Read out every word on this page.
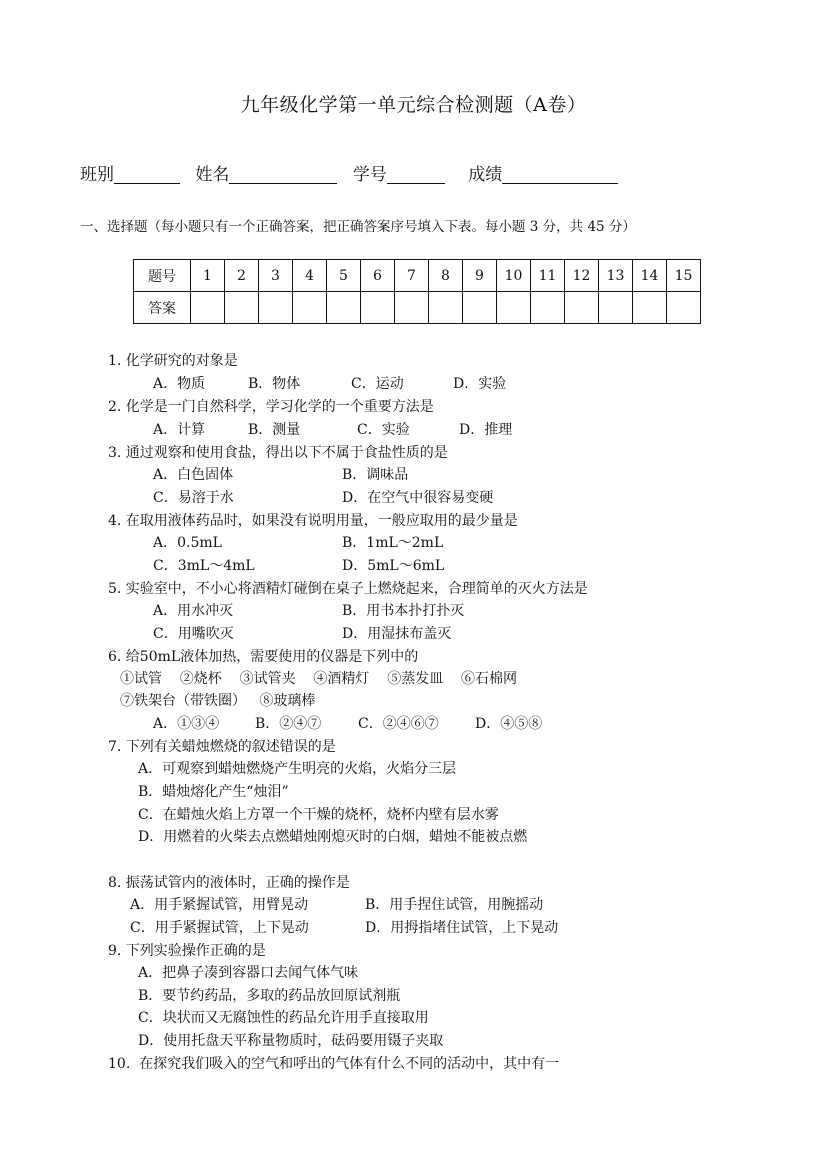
九年级化学第一单元综合检测题（A卷）
班别	姓名	学号	成绩
一、选择题（每小题只有一个正确答案，把正确答案序号填入下表。每小题 3 分，共 45 分）
题号	1	2	3	4	5	6	7	8	9	10	11	12	13	14	15
答案															
1. 化学研究的对象是
A．物质	B．物体	C．运动	D．实验
2. 化学是一门自然科学，学习化学的一个重要方法是
A．计算	B．测量	C．实验	D．推理
3. 通过观察和使用食盐，得出以下不属于食盐性质的是
A．白色固体	B．调味品
C．易溶于水	D．在空气中很容易变硬
4. 在取用液体药品时，如果没有说明用量，一般应取用的最少量是
A．0.5mL	B．1mL～2mL
C．3mL～4mL	D．5mL～6mL
5. 实验室中，不小心将酒精灯碰倒在桌子上燃烧起来，合理简单的灭火方法是
A．用水冲灭	B．用书本扑打扑灭
C．用嘴吹灭	D．用湿抹布盖灭
6. 给50mL液体加热，需要使用的仪器是下列中的
①试管    ②烧杯    ③试管夹    ④酒精灯    ⑤蒸发皿    ⑥石棉网
⑦铁架台（带铁圈）   ⑧玻璃棒
A．①③④	B．②④⑦	C．②④⑥⑦	D．④⑤⑧
7. 下列有关蜡烛燃烧的叙述错误的是
A．可观察到蜡烛燃烧产生明亮的火焰，火焰分三层
B．蜡烛熔化产生“烛泪”
C．在蜡烛火焰上方罩一个干燥的烧杯，烧杯内壁有层水雾
D．用燃着的火柴去点燃蜡烛刚熄灭时的白烟，蜡烛不能被点燃
8. 振荡试管内的液体时，正确的操作是
A．用手紧握试管，用臂晃动	B．用手捏住试管，用腕摇动
C．用手紧握试管，上下晃动	D．用拇指堵住试管，上下晃动
9. 下列实验操作正确的是
A．把鼻子凑到容器口去闻气体气味
B．要节约药品，多取的药品放回原试剂瓶
C．块状而又无腐蚀性的药品允许用手直接取用
D．使用托盘天平称量物质时，砝码要用镊子夹取
10.  在探究我们吸入的空气和呼出的气体有什么不同的活动中，其中有一
